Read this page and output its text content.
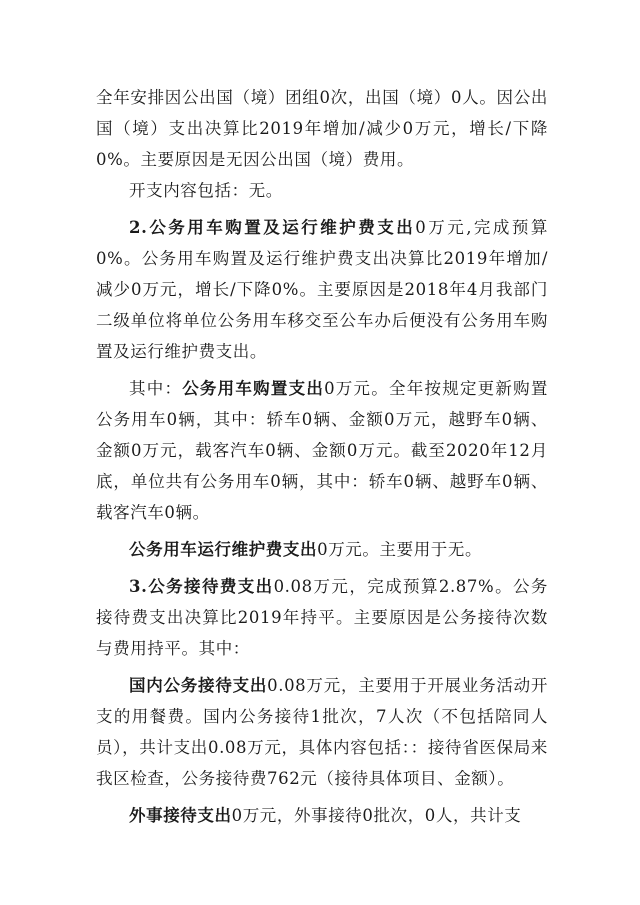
全年安排因公出国（境）团组0次，出国（境）0人。因公出国（境）支出决算比2019年增加/减少0万元，增长/下降0%。主要原因是无因公出国（境）费用。

开支内容包括：无。

2.公务用车购置及运行维护费支出0万元,完成预算0%。公务用车购置及运行维护费支出决算比2019年增加/减少0万元，增长/下降0%。主要原因是2018年4月我部门二级单位将单位公务用车移交至公车办后便没有公务用车购置及运行维护费支出。

其中：公务用车购置支出0万元。全年按规定更新购置公务用车0辆，其中：轿车0辆、金额0万元，越野车0辆、金额0万元，载客汽车0辆、金额0万元。截至2020年12月底，单位共有公务用车0辆，其中：轿车0辆、越野车0辆、载客汽车0辆。

公务用车运行维护费支出0万元。主要用于无。

3.公务接待费支出0.08万元，完成预算2.87%。公务接待费支出决算比2019年持平。主要原因是公务接待次数与费用持平。其中：

国内公务接待支出0.08万元，主要用于开展业务活动开支的用餐费。国内公务接待1批次，7人次（不包括陪同人员），共计支出0.08万元，具体内容包括：：接待省医保局来我区检查，公务接待费762元（接待具体项目、金额）。

外事接待支出0万元，外事接待0批次，0人，共计支
